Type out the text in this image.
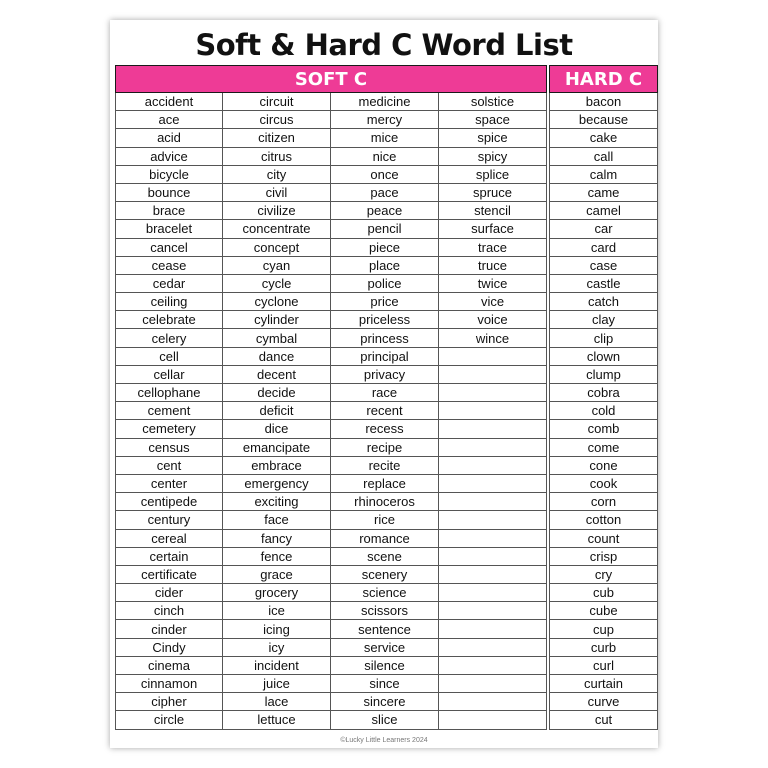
Soft & Hard C Word List
SOFT C					HARD C
accident	circuit	medicine	solstice		bacon
ace	circus	mercy	space		because
acid	citizen	mice	spice		cake
advice	citrus	nice	spicy		call
bicycle	city	once	splice		calm
bounce	civil	pace	spruce		came
brace	civilize	peace	stencil		camel
bracelet	concentrate	pencil	surface		car
cancel	concept	piece	trace		card
cease	cyan	place	truce		case
cedar	cycle	police	twice		castle
ceiling	cyclone	price	vice		catch
celebrate	cylinder	priceless	voice		clay
celery	cymbal	princess	wince		clip
cell	dance	principal			clown
cellar	decent	privacy			clump
cellophane	decide	race			cobra
cement	deficit	recent			cold
cemetery	dice	recess			comb
census	emancipate	recipe			come
cent	embrace	recite			cone
center	emergency	replace			cook
centipede	exciting	rhinoceros			corn
century	face	rice			cotton
cereal	fancy	romance			count
certain	fence	scene			crisp
certificate	grace	scenery			cry
cider	grocery	science			cub
cinch	ice	scissors			cube
cinder	icing	sentence			cup
Cindy	icy	service			curb
cinema	incident	silence			curl
cinnamon	juice	since			curtain
cipher	lace	sincere			curve
circle	lettuce	slice			cut
©Lucky Little Learners 2024
